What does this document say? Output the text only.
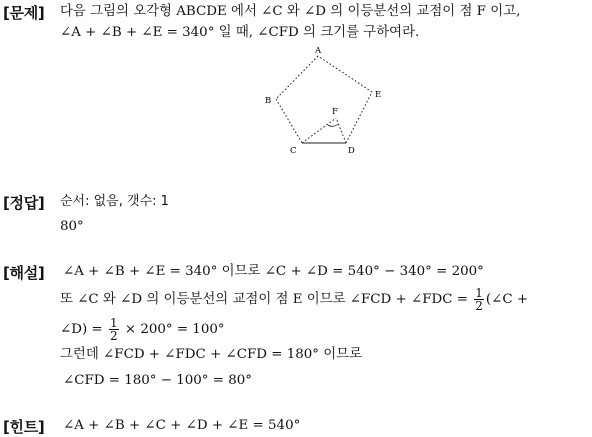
[문제] 다음 그림의 오각형 ABCDE 에서 ∠C 와 ∠D 의 이등분선의 교점이 점 F 이고,
∠A + ∠B + ∠E = 340° 일 때, ∠CFD 의 크기를 구하여라.
A
B
C	D
E
F
[정답] 순서: 없음, 갯수: 1
80°
[해설] ∠A + ∠B + ∠E = 340° 이므로 ∠C + ∠D = 540° − 340° = 200°
또 ∠C 와 ∠D 의 이등분선의 교점이 점 E 이므로 ∠FCD + ∠FDC = $\frac{1}{2}$ (∠C +
∠D) = $\frac{1}{2} \times 200^\circ = 100^\circ$
그런데 ∠FCD + ∠FDC + ∠CFD = 180° 이므로
∠CFD = 180° − 100° = 80°
[힌트] ∠A + ∠B + ∠C + ∠D + ∠E = 540°
